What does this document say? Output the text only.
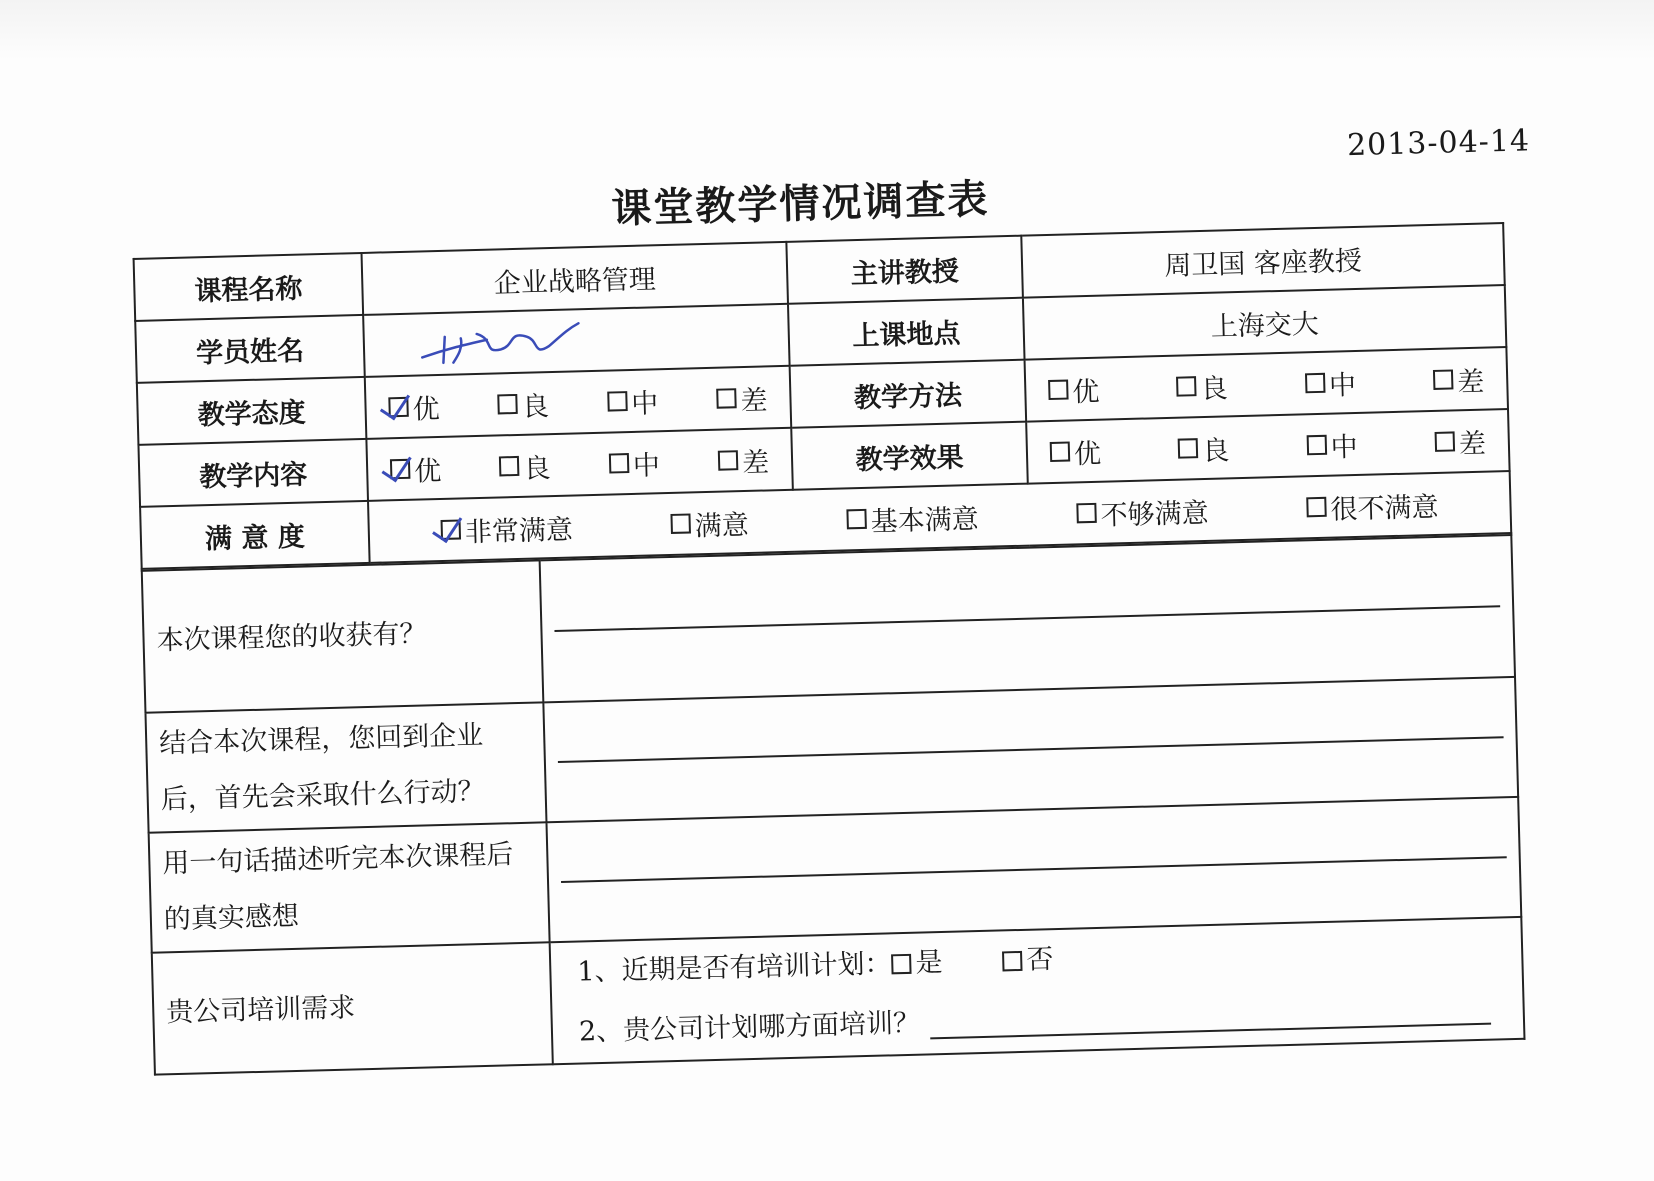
2013-04-14
课堂教学情况调查表
课程名称	企业战略管理	主讲教授	周卫国 客座教授
学员姓名		上课地点	上海交大
教学态度	优 良 中 差	教学方法	优 良 中 差

教学内容	优 良 中 差	教学效果	优 良 中 差

满 意 度	非常满意 满意 基本满意 不够满意 很不满意		
本次课程您的收获有？	

结合本次课程，您回到企业后，首先会采取什么行动？	

用一句话描述听完本次课程后的真实感想	

贵公司培训需求	1、近期是否有培训计划： 是 否
2、贵公司计划哪方面培训？
